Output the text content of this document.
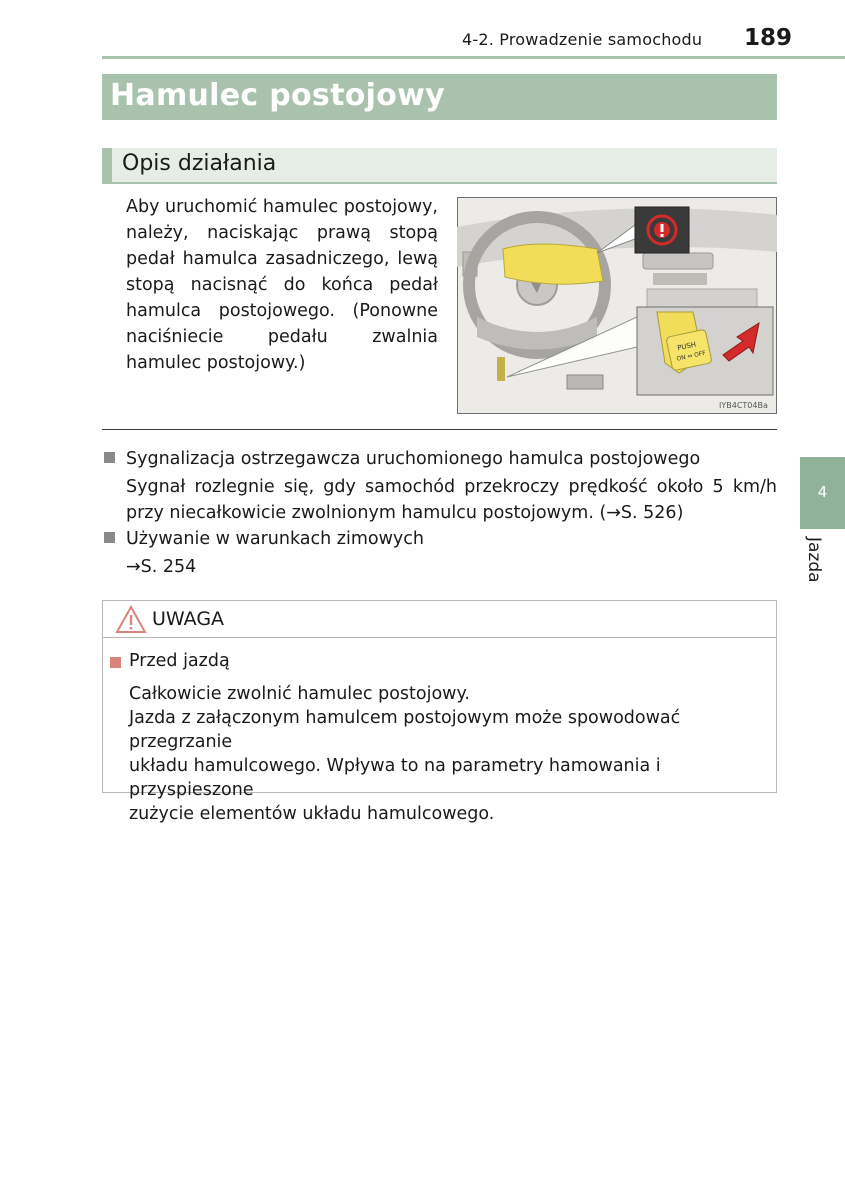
4-2. Prowadzenie samochodu 189
Hamulec postojowy
Opis działania

Aby uruchomić hamulec postojowy, należy, naciskając prawą stopą pedał hamulca zasadniczego, lewą stopą nacisnąć do końca pedał hamulca postojowego. (Ponowne naciśniecie pedału zwalnia hamulec postojowy.)

PUSH
ON ⇔ OFF
IYB4CT04Ba

Sygnalizacja ostrzegawcza uruchomionego hamulca postojowego

Sygnał rozlegnie się, gdy samochód przekroczy prędkość około 5 km/h przy niecałkowicie zwolnionym hamulcu postojowym. (→S. 526)

Używanie w warunkach zimowych

→S. 254

UWAGA

Przed jazdą

Całkowicie zwolnić hamulec postojowy.
Jazda z załączonym hamulcem postojowym może spowodować przegrzanie
układu hamulcowego. Wpływa to na parametry hamowania i przyspieszone
zużycie elementów układu hamulcowego.

4
Jazda
